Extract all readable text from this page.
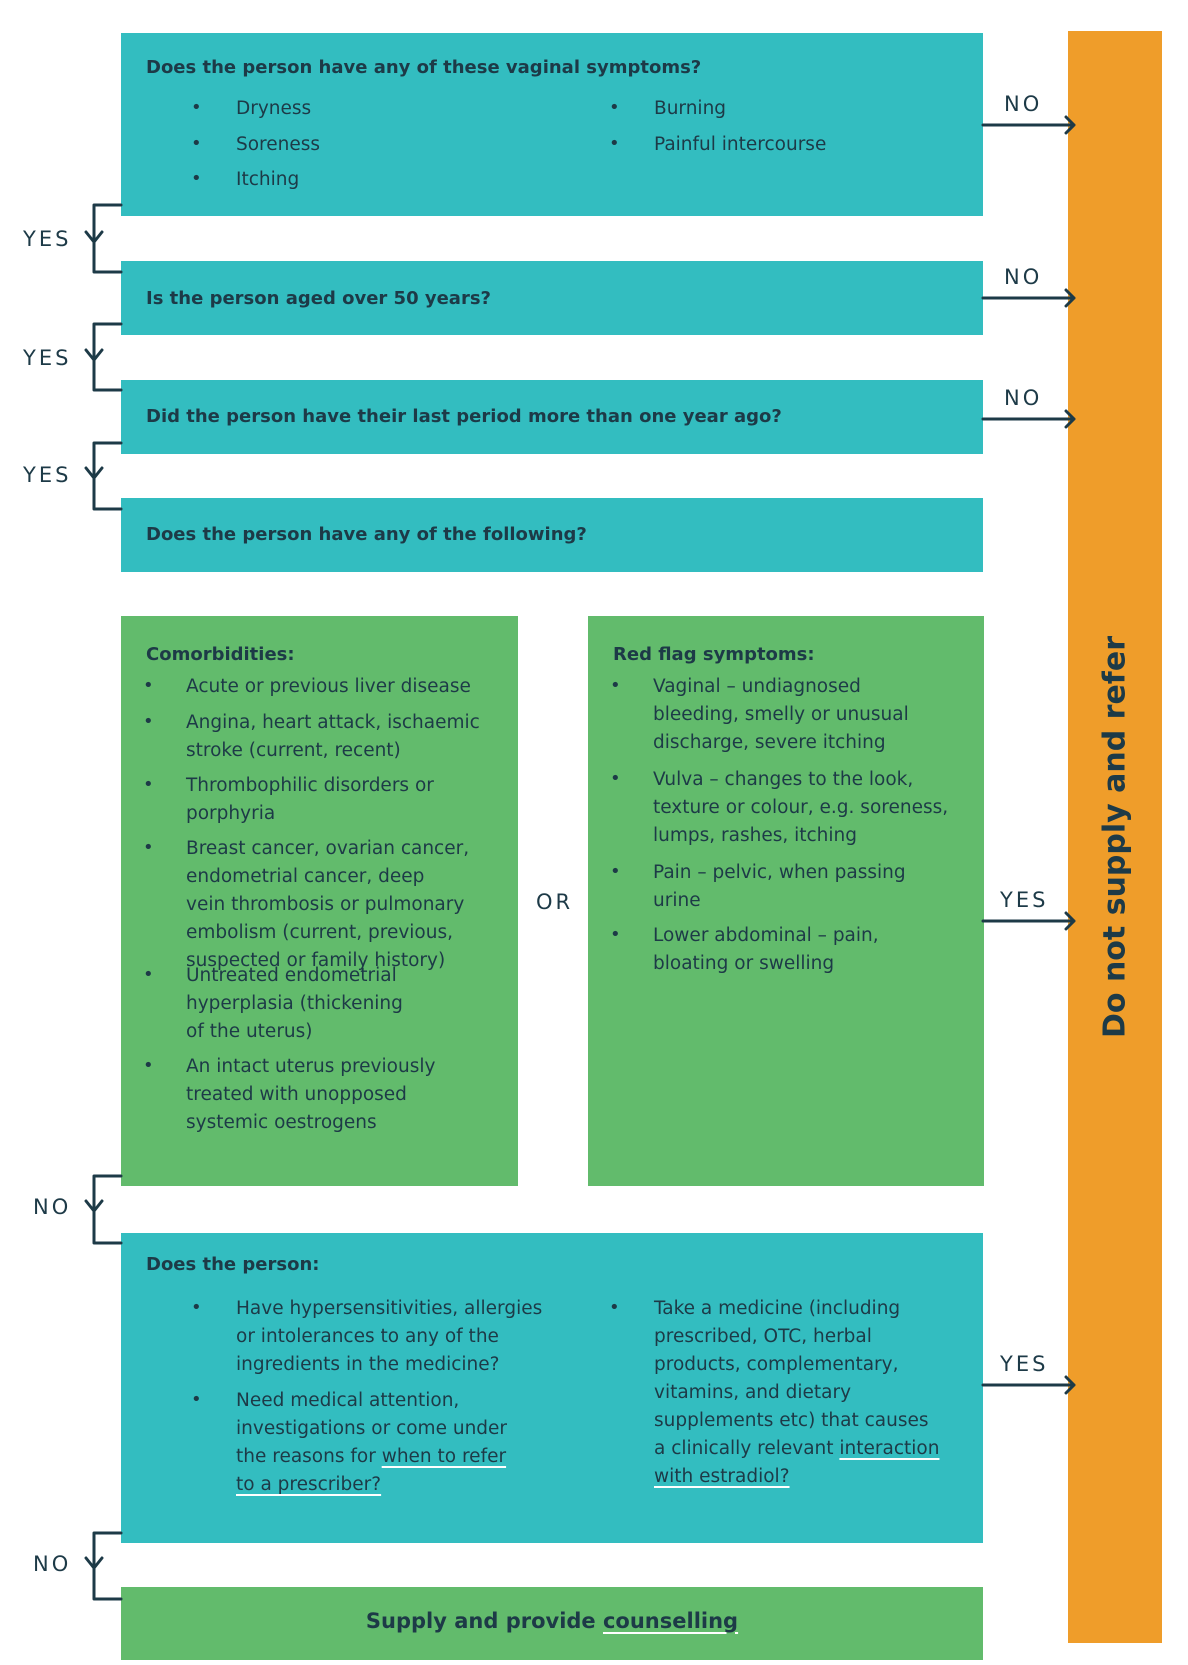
Does the person have any of these vaginal symptoms?
• Dryness
• Soreness
• Itching
• Burning
• Painful intercourse
Is the person aged over 50 years?
Did the person have their last period more than one year ago?
Does the person have any of the following?
Comorbidities:
• Acute or previous liver disease
• Angina, heart attack, ischaemic
stroke (current, recent)
• Thrombophilic disorders or
porphyria
• Breast cancer, ovarian cancer,
endometrial cancer, deep
vein thrombosis or pulmonary
embolism (current, previous,
suspected or family history)
• Untreated endometrial
hyperplasia (thickening
of the uterus)
• An intact uterus previously
treated with unopposed
systemic oestrogens
OR
Red flag symptoms:
• Vaginal – undiagnosed
bleeding, smelly or unusual
discharge, severe itching
• Vulva – changes to the look,
texture or colour, e.g. soreness,
lumps, rashes, itching
• Pain – pelvic, when passing
urine
• Lower abdominal – pain,
bloating or swelling
Does the person:
• Have hypersensitivities, allergies
or intolerances to any of the
ingredients in the medicine?
• Need medical attention,
investigations or come under
the reasons for when to refer
to a prescriber?
• Take a medicine (including
prescribed, OTC, herbal
products, complementary,
vitamins, and dietary
supplements etc) that causes
a clinically relevant interaction
with estradiol?
Supply and provide counselling
Do not supply and refer
YES
YES
YES
NO
NO
NO
NO
NO
YES
YES
